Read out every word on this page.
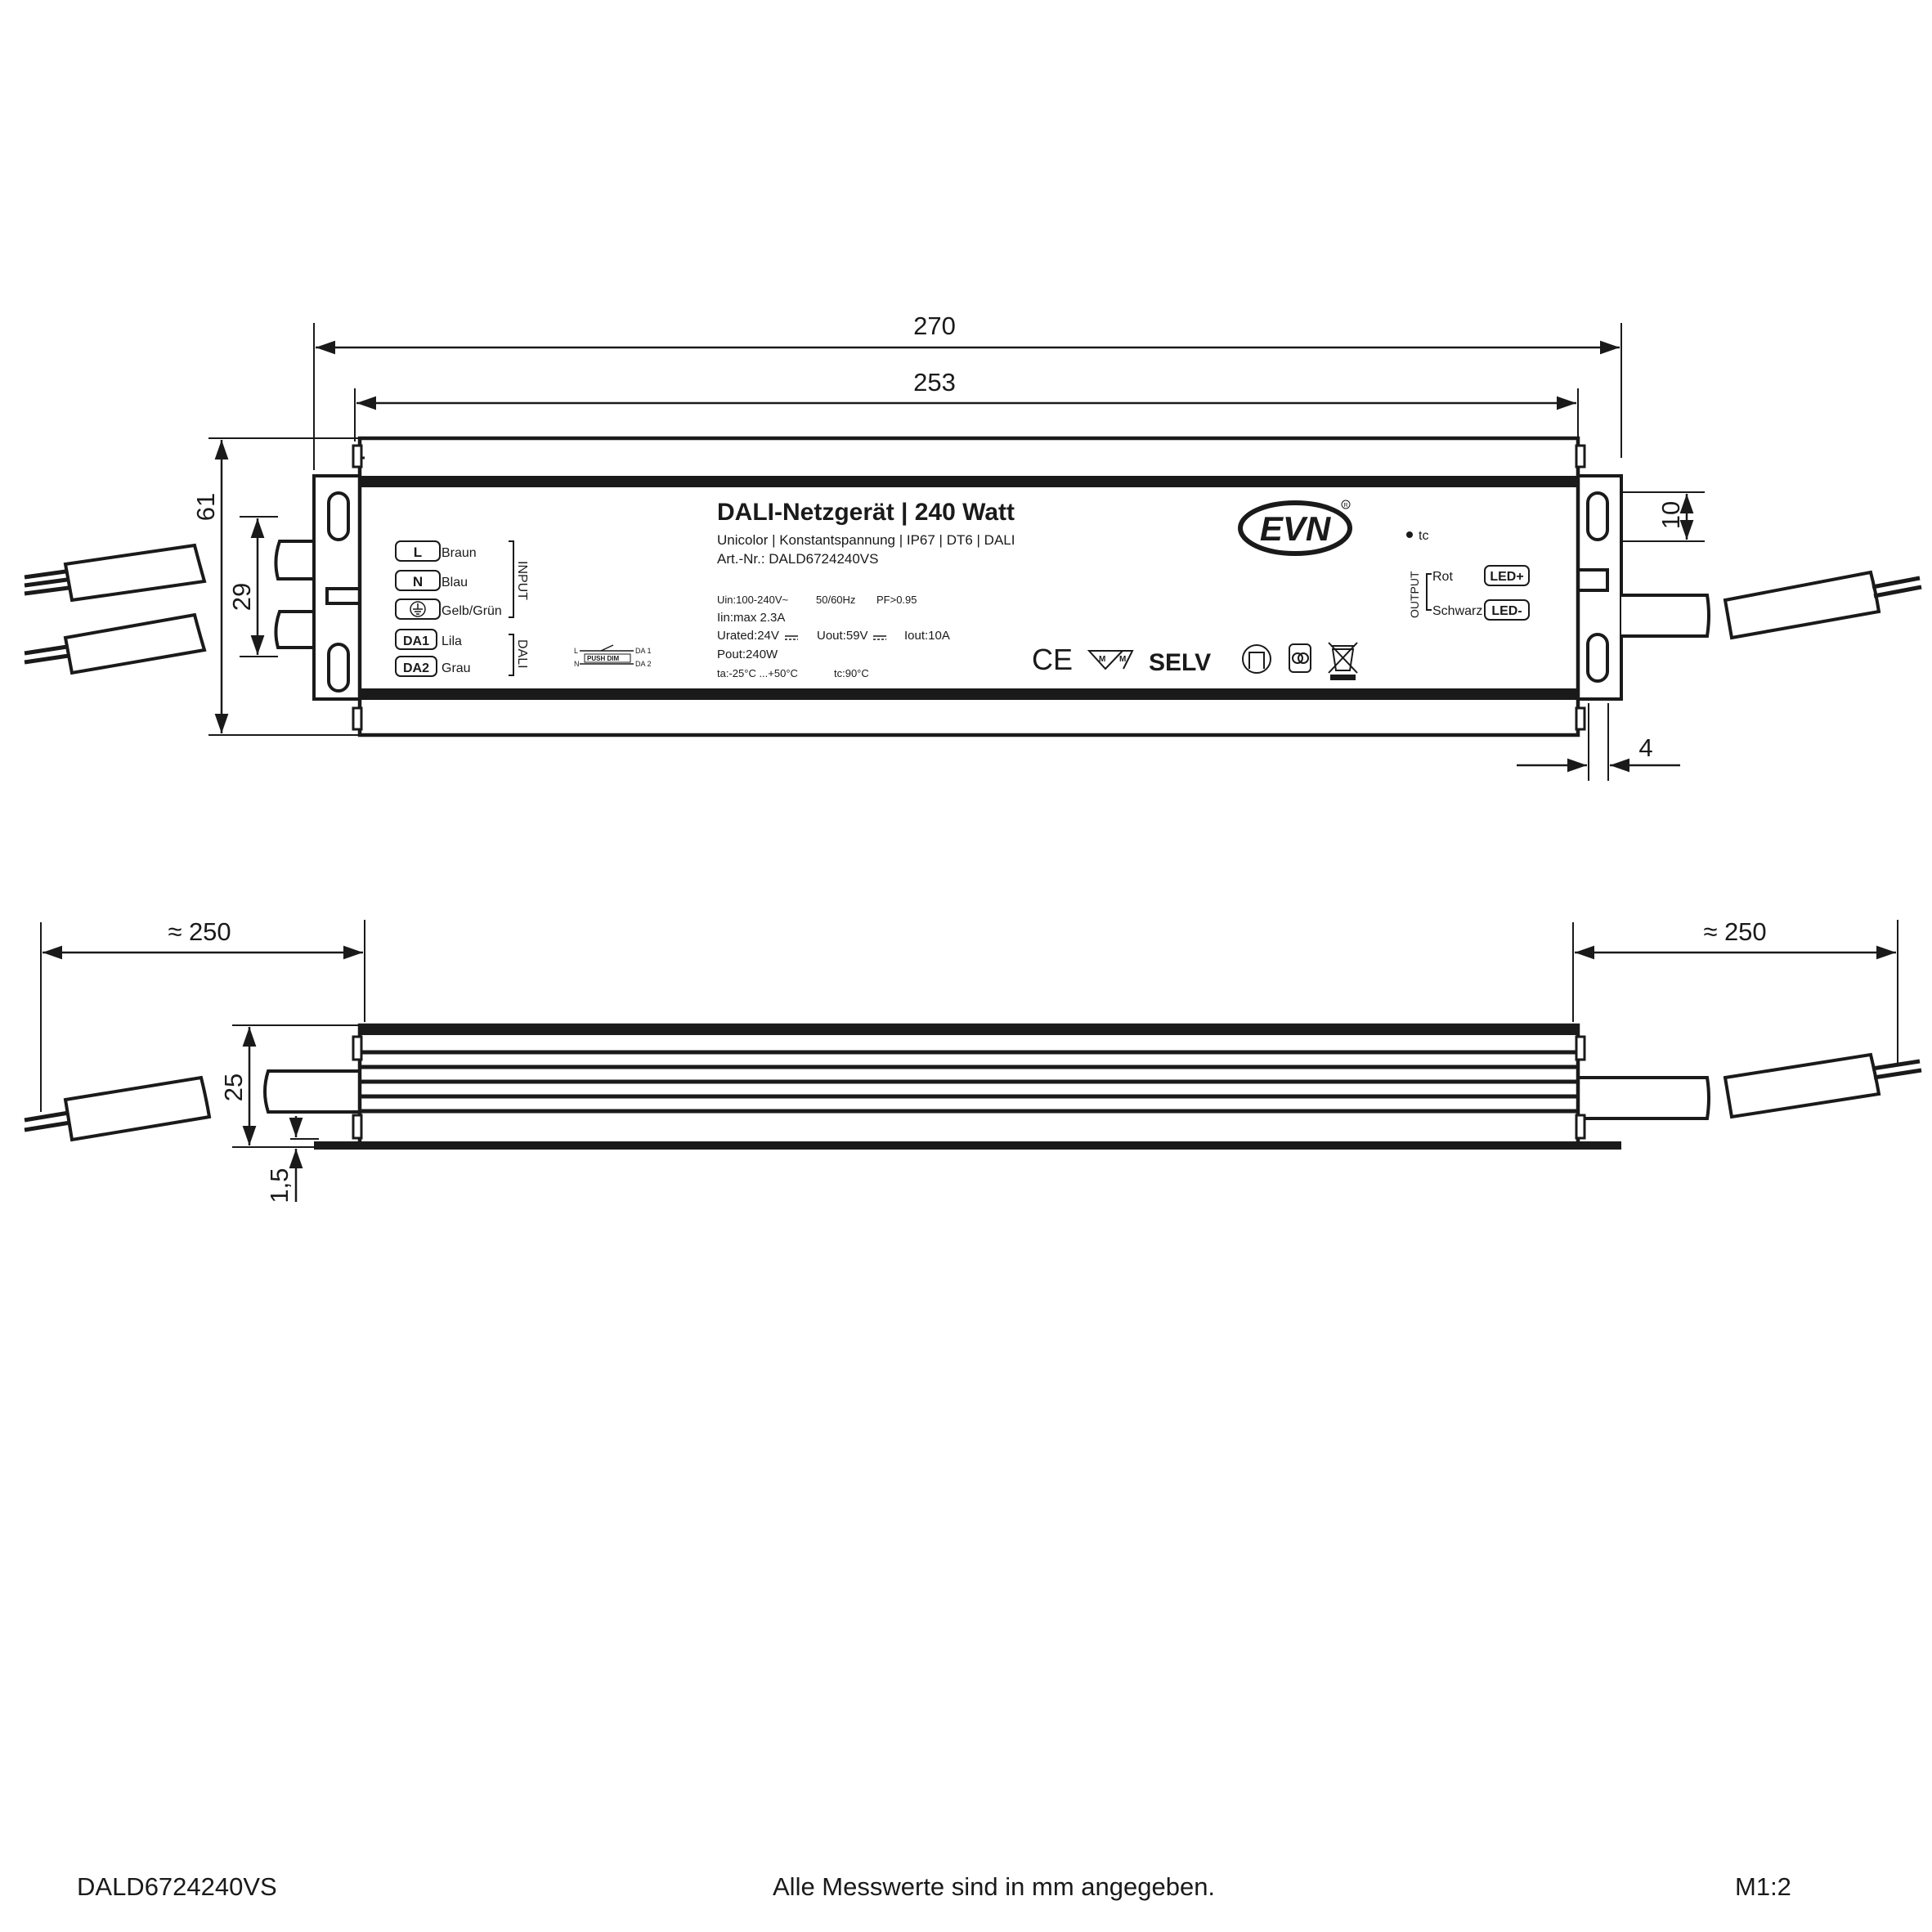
DALI-Netzgerät | 240 Watt
Unicolor | Konstantspannung | IP67 | DT6 | DALI
Art.-Nr.: DALD6724240VS
Uin:100-240V~	50/60Hz PF>0.95
Iin:max 2.3A
Urated:24V	Uout:59V	Iout:10A
Pout:240W
ta:-25°C ...+50°C	tc:90°C
L
N
PUSH DIM
DA 1
DA 2
L Braun
N Blau
Gelb/Grün
INPUT
DA1 Lila
DA2 Grau	DALI
OUTPUT Rot
Schwarz
LED+
LED-
tc
EVN
R
CE	M M SELV
270
253
61
29
10
4
≈ 250	≈ 250
25
1,5
DALD6724240VS	Alle Messwerte sind in mm angegeben.	M1:2
